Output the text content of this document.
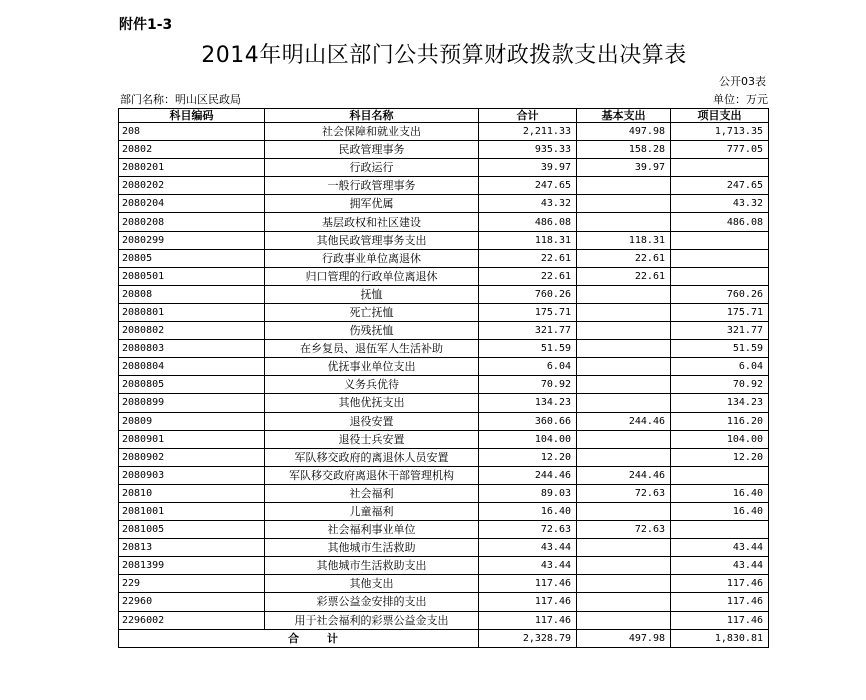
附件1-3
2014年明山区部门公共预算财政拨款支出决算表
公开03表
部门名称：明山区民政局	单位：万元
科目编码	科目名称	合计	基本支出	项目支出
208	社会保障和就业支出	2,211.33	497.98	1,713.35
20802	民政管理事务	935.33	158.28	777.05
2080201	行政运行	39.97	39.97	
2080202	一般行政管理事务	247.65		247.65
2080204	拥军优属	43.32		43.32
2080208	基层政权和社区建设	486.08		486.08
2080299	其他民政管理事务支出	118.31	118.31	
20805	行政事业单位离退休	22.61	22.61	
2080501	归口管理的行政单位离退休	22.61	22.61	
20808	抚恤	760.26		760.26
2080801	死亡抚恤	175.71		175.71
2080802	伤残抚恤	321.77		321.77
2080803	在乡复员、退伍军人生活补助	51.59		51.59
2080804	优抚事业单位支出	6.04		6.04
2080805	义务兵优待	70.92		70.92
2080899	其他优抚支出	134.23		134.23
20809	退役安置	360.66	244.46	116.20
2080901	退役士兵安置	104.00		104.00
2080902	军队移交政府的离退休人员安置	12.20		12.20
2080903	军队移交政府离退休干部管理机构	244.46	244.46	
20810	社会福利	89.03	72.63	16.40
2081001	儿童福利	16.40		16.40
2081005	社会福利事业单位	72.63	72.63	
20813	其他城市生活救助	43.44		43.44
2081399	其他城市生活救助支出	43.44		43.44
229	其他支出	117.46		117.46
22960	彩票公益金安排的支出	117.46		117.46
2296002	用于社会福利的彩票公益金支出	117.46		117.46
合计		2,328.79	497.98	1,830.81
